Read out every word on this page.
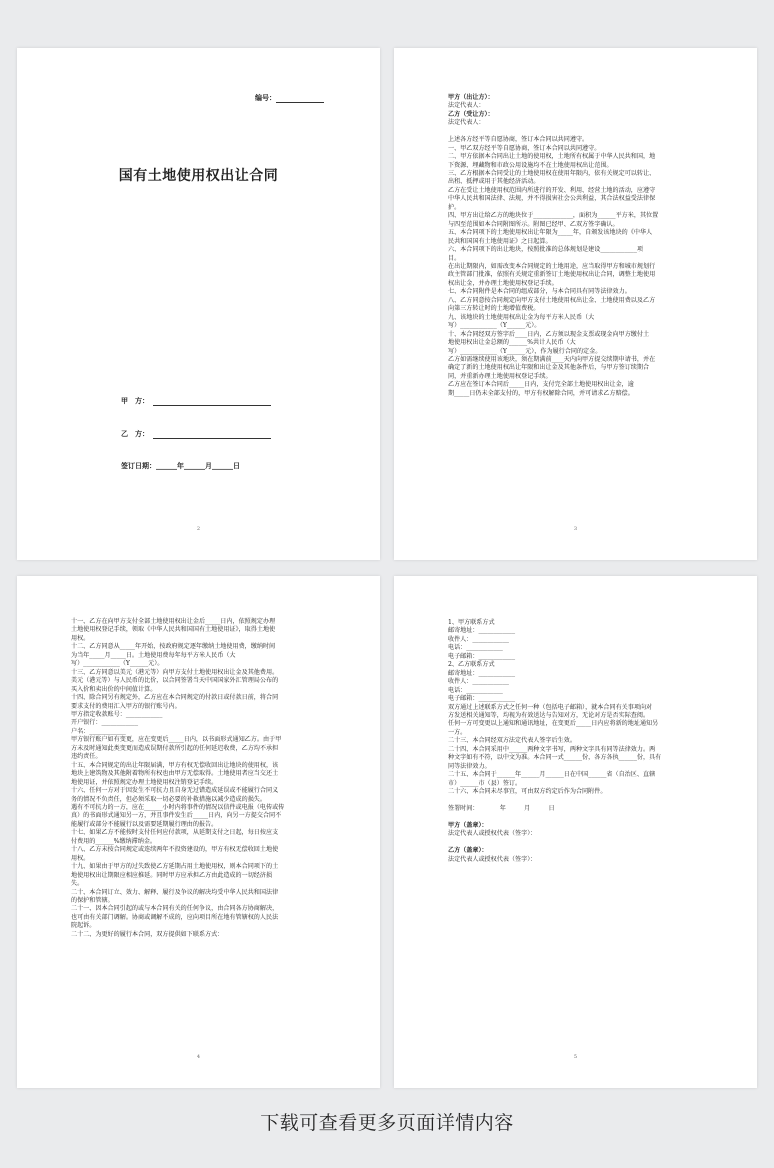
编号：
国有土地使用权出让合同
甲　方：
乙　方：
签订日期：______年______月______日
2

甲方（出让方）：

法定代表人：

乙方（受让方）：

法定代表人：

上述各方经平等自愿协商，签订本合同以共同遵守。

一、甲乙双方经平等自愿协商，签订本合同以共同遵守。

二、甲方依据本合同出让土地的使用权，土地所有权属于中华人民共和国，地

下资源、埋藏物和市政公用设施均不在土地使用权出让范围。

三、乙方根据本合同受让的土地使用权在使用年限内，依有关规定可以转让、

出租、抵押或用于其他经济活动。

乙方在受让土地使用权范围内所进行的开发、利用、经营土地的活动，应遵守

中华人民共和国法律、法规，并不得损害社会公共利益，其合法权益受法律保

护。

四、甲方出让给乙方的地块位于_____________，面积为______平方米，其位置

与四至范围如本合同附图所示。附图已经甲、乙双方签字确认。

五、本合同项下的土地使用权出让年限为_____年，自颁发该地块的《中华人

民共和国国有土地使用证》之日起算。

六、本合同项下的出让地块，按照批准的总体规划是建设____________项

目。

在出让期限内，如需改变本合同规定的土地用途，应当取得甲方和城市规划行

政主管部门批准，依照有关规定重新签订土地使用权出让合同，调整土地使用

权出让金，并办理土地使用权登记手续。

七、本合同附件是本合同的组成部分，与本合同具有同等法律效力。

八、乙方同意按合同规定向甲方支付土地使用权出让金、土地使用费以及乙方

向第三方转让时的土地增值费税。

九、该地块的土地使用权出让金为每平方米人民币（大

写）____________（Y______元）。

十、本合同经双方签字后____日内，乙方须以现金支票或现金向甲方缴付土

地使用权出让金总额的______%共计人民币（大

写）____________（Y______元），作为履行合同的定金。

乙方如需继续使用该地块，须在期满前____天内向甲方提交续期申请书，并在

确定了新的土地使用权出让年限和出让金及其他条件后，与甲方签订续期合

同，并重新办理土地使用权登记手续。

乙方应在签订本合同后_____日内，支付完全部土地使用权出让金，逾

期_____日仍未全部支付的，甲方有权解除合同，并可请求乙方赔偿。

3

十一、乙方在向甲方支付全部土地使用权出让金后_____日内，依照规定办理

土地使用权登记手续，领取《中华人民共和国国有土地使用证》，取得土地使

用权。

十二、乙方同意从_____年开始，按政府规定逐年缴纳土地使用费，缴纳时间

为当年_____月_____日。土地使用费每年每平方米人民币（大

写）____________（Y______元）。

十三、乙方同意以美元（港元等）向甲方支付土地使用权出让金及其他费用。

美元（港元等）与人民币的比价，以合同签署当天中国国家外汇管理局公布的

买入价和卖出价的中间值计算。

十四、除合同另有规定外，乙方应在本合同规定的付款日或付款日前，将合同

要求支付的费用汇入甲方的银行账号内。

甲方指定收款账号：____________

开户银行：____________

户名：____________

甲方银行账户如有变更，应在变更后_____日内，以书面形式通知乙方。由于甲

方未及时通知此类变更而造成误期付款所引起的任何延迟收费，乙方均不承担

违约责任。

十五、本合同规定的出让年限届满，甲方有权无偿收回出让地块的使用权，该

地块上建筑物及其他附着物所有权也由甲方无偿取得。土地使用者应当交还土

地使用证，并依照规定办理土地使用权注销登记手续。

十六、任何一方对于因发生不可抗力且自身无过错造成延误或不能履行合同义

务的情况不负责任，但必须采取一切必要的补救措施以减少造成的损失。

遇有不可抗力的一方，应在______小时内将事件的情况以信件或电报（电传或传

真）的书面形式通知另一方，并且事件发生后_____日内，向另一方提交合同不

能履行或部分不能履行以及需要延期履行理由的报告。

十七、如果乙方不能按时支付任何应付款项，从延期支付之日起，每日按应支

付费用的______%缴纳滞纳金。

十八、乙方未按合同规定或连续两年不投资建设的，甲方有权无偿收回土地使

用权。

十九、如果由于甲方的过失致使乙方延期占用土地使用权，则本合同项下的土

地使用权出让期限应相应推延。同时甲方应承担乙方由此造成的一切经济损

失。

二十、本合同订立、效力、解释、履行及争议的解决均受中华人民共和国法律

的保护和管辖。

二十一、因本合同引起的或与本合同有关的任何争议，由合同各方协商解决，

也可由有关部门调解。协商或调解不成的，应向项目所在地有管辖权的人民法

院起诉。

二十二、为更好的履行本合同，双方提供如下联系方式：

4

1、甲方联系方式

邮寄地址：____________

收件人：____________

电话：____________

电子邮箱：____________

2、乙方联系方式

邮寄地址：____________

收件人：____________

电话：____________

电子邮箱：____________

双方通过上述联系方式之任何一种（包括电子邮箱），就本合同有关事项向对

方发送相关通知等，均视为有效送达与告知对方，无论对方是否实际查阅。

任何一方可变更以上通知和通讯地址，在变更后_____日内应将新的地址通知另

一方。

二十三、本合同经双方法定代表人签字后生效。

二十四、本合同采用中______两种文字书写，两种文字具有同等法律效力。两

种文字如有不符，以中文为准。本合同一式______份，各方各执______份，具有

同等法律效力。

二十五、本合同于______年______月______日在中国______省（自治区、直辖

市）______市（县）签订。

二十六、本合同未尽事宜，可由双方约定后作为合同附件。

签署时间：　　　　年　　　月　　　日

甲方（盖章）：

法定代表人或授权代表（签字）：

乙方（盖章）：

法定代表人或授权代表（签字）：

5
下载可查看更多页面详情内容
